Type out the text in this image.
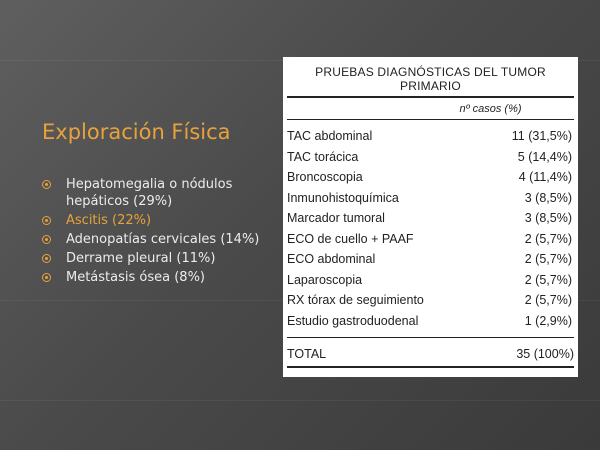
Exploración Física
Hepatomegalia o nódulos hepáticos (29%)
Ascitis (22%)
Adenopatías cervicales (14%)
Derrame pleural (11%)
Metástasis ósea (8%)
PRUEBAS DIAGNÓSTICAS DEL TUMOR PRIMARIO
nº casos (%)
TAC abdominal	11 (31,5%)
TAC torácica	5 (14,4%)
Broncoscopia	4 (11,4%)
Inmunohistoquímica	3 (8,5%)
Marcador tumoral	3 (8,5%)
ECO de cuello + PAAF	2 (5,7%)
ECO abdominal	2 (5,7%)
Laparoscopia	2 (5,7%)
RX tórax de seguimiento	2 (5,7%)
Estudio gastroduodenal	1 (2,9%)
TOTAL	35 (100%)
